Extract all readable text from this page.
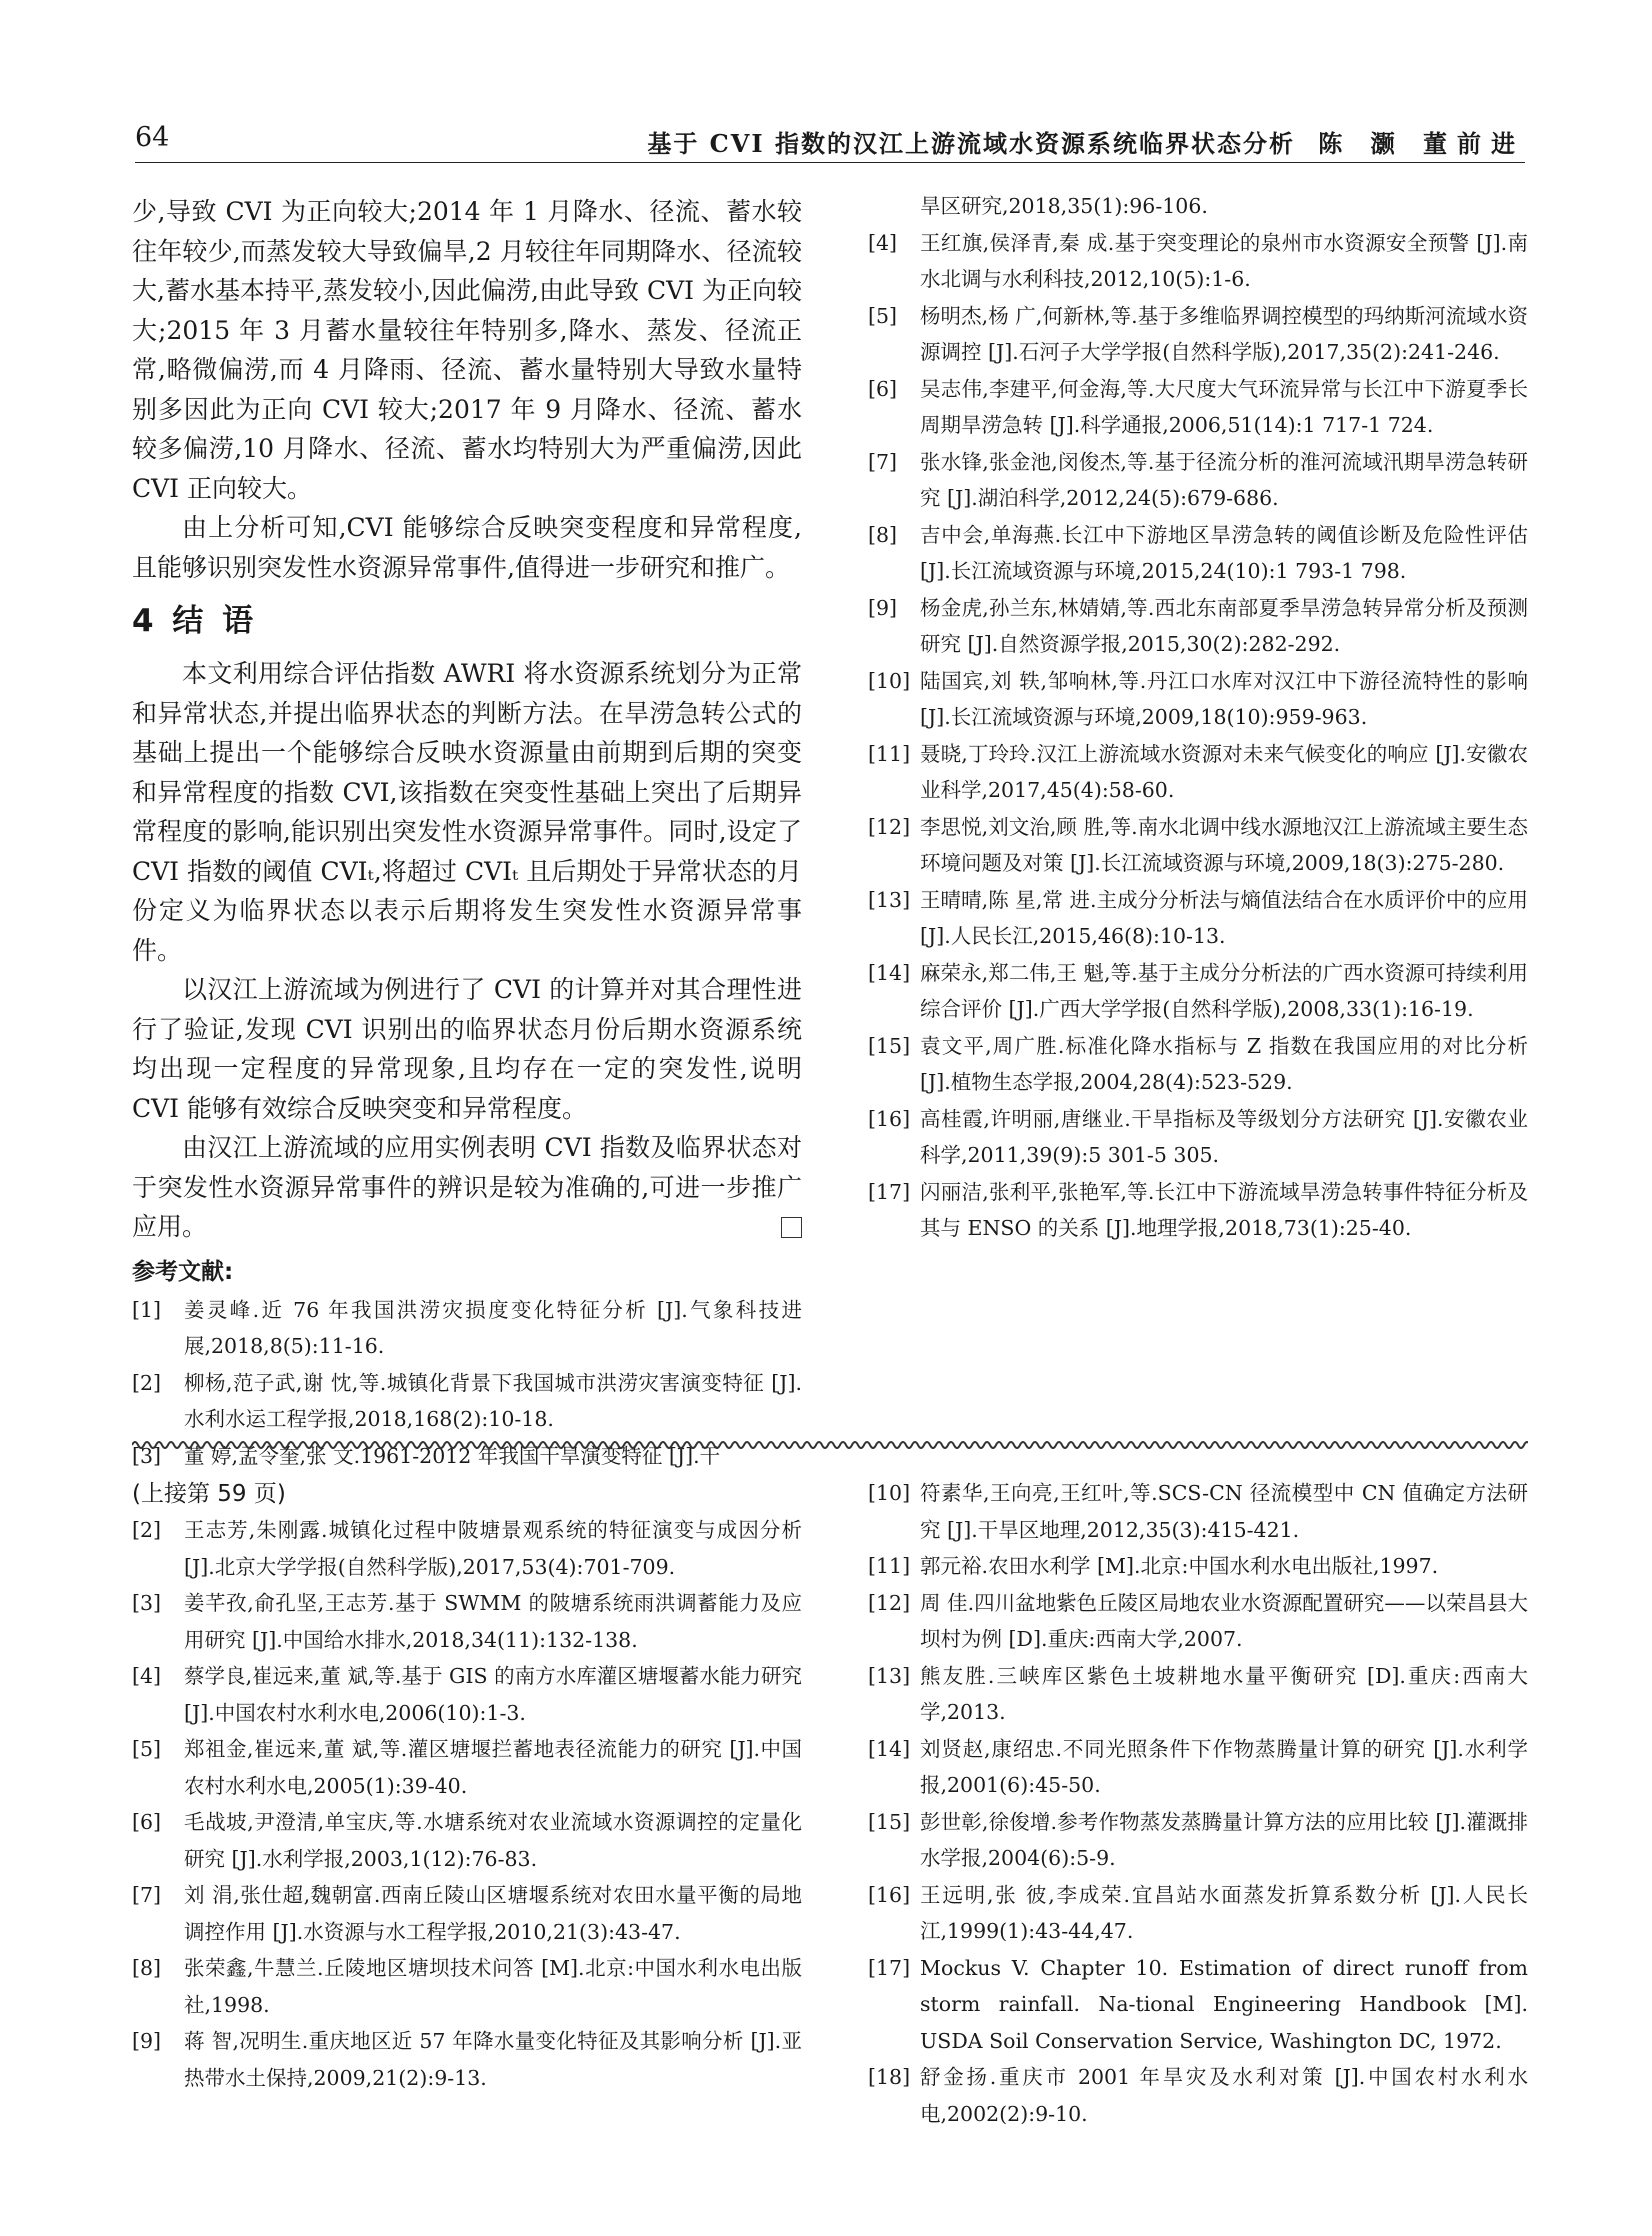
64	基于 CVI 指数的汉江上游流域水资源系统临界状态分析 陈 灏 董前进

少,导致 CVI 为正向较大;2014 年 1 月降水、径流、蓄水较往年较少,而蒸发较大导致偏旱,2 月较往年同期降水、径流较大,蓄水基本持平,蒸发较小,因此偏涝,由此导致 CVI 为正向较大;2015 年 3 月蓄水量较往年特别多,降水、蒸发、径流正常,略微偏涝,而 4 月降雨、径流、蓄水量特别大导致水量特别多因此为正向 CVI 较大;2017 年 9 月降水、径流、蓄水较多偏涝,10 月降水、径流、蓄水均特别大为严重偏涝,因此 CVI 正向较大。

由上分析可知,CVI 能够综合反映突变程度和异常程度,且能够识别突发性水资源异常事件,值得进一步研究和推广。

4 结 语

本文利用综合评估指数 AWRI 将水资源系统划分为正常和异常状态,并提出临界状态的判断方法。在旱涝急转公式的基础上提出一个能够综合反映水资源量由前期到后期的突变和异常程度的指数 CVI,该指数在突变性基础上突出了后期异常程度的影响,能识别出突发性水资源异常事件。同时,设定了 CVI 指数的阈值 CVIₜ,将超过 CVIₜ 且后期处于异常状态的月份定义为临界状态以表示后期将发生突发性水资源异常事件。

以汉江上游流域为例进行了 CVI 的计算并对其合理性进行了验证,发现 CVI 识别出的临界状态月份后期水资源系统均出现一定程度的异常现象,且均存在一定的突发性,说明 CVI 能够有效综合反映突变和异常程度。

由汉江上游流域的应用实例表明 CVI 指数及临界状态对于突发性水资源异常事件的辨识是较为准确的,可进一步推广应用。

参考文献:
[1]	姜灵峰.近 76 年我国洪涝灾损度变化特征分析 [J].气象科技进展,2018,8(5):11-16.
[2]	柳杨,范子武,谢 忱,等.城镇化背景下我国城市洪涝灾害演变特征 [J].水利水运工程学报,2018,168(2):10-18.
[3]	董 婷,孟令奎,张 文.1961-2012 年我国干旱演变特征 [J].干
旱区研究,2018,35(1):96-106.
[4]	王红旗,侯泽青,秦 成.基于突变理论的泉州市水资源安全预警 [J].南水北调与水利科技,2012,10(5):1-6.
[5]	杨明杰,杨 广,何新林,等.基于多维临界调控模型的玛纳斯河流域水资源调控 [J].石河子大学学报(自然科学版),2017,35(2):241-246.
[6]	吴志伟,李建平,何金海,等.大尺度大气环流异常与长江中下游夏季长周期旱涝急转 [J].科学通报,2006,51(14):1 717-1 724.
[7]	张水锋,张金池,闵俊杰,等.基于径流分析的淮河流域汛期旱涝急转研究 [J].湖泊科学,2012,24(5):679-686.
[8]	吉中会,单海燕.长江中下游地区旱涝急转的阈值诊断及危险性评估 [J].长江流域资源与环境,2015,24(10):1 793-1 798.
[9]	杨金虎,孙兰东,林婧婧,等.西北东南部夏季旱涝急转异常分析及预测研究 [J].自然资源学报,2015,30(2):282-292.
[10] 陆国宾,刘 轶,邹响林,等.丹江口水库对汉江中下游径流特性的影响 [J].长江流域资源与环境,2009,18(10):959-963.
[11] 聂晓,丁玲玲.汉江上游流域水资源对未来气候变化的响应 [J].安徽农业科学,2017,45(4):58-60.
[12] 李思悦,刘文治,顾 胜,等.南水北调中线水源地汉江上游流域主要生态环境问题及对策 [J].长江流域资源与环境,2009,18(3):275-280.
[13] 王晴晴,陈 星,常 进.主成分分析法与熵值法结合在水质评价中的应用 [J].人民长江,2015,46(8):10-13.
[14] 麻荣永,郑二伟,王 魁,等.基于主成分分析法的广西水资源可持续利用综合评价 [J].广西大学学报(自然科学版),2008,33(1):16-19.
[15] 袁文平,周广胜.标准化降水指标与 Z 指数在我国应用的对比分析 [J].植物生态学报,2004,28(4):523-529.
[16] 高桂霞,许明丽,唐继业.干旱指标及等级划分方法研究 [J].安徽农业科学,2011,39(9):5 301-5 305.
[17] 闪丽洁,张利平,张艳军,等.长江中下游流域旱涝急转事件特征分析及其与 ENSO 的关系 [J].地理学报,2018,73(1):25-40.
(上接第 59 页)
[2]	王志芳,朱刚露.城镇化过程中陂塘景观系统的特征演变与成因分析 [J].北京大学学报(自然科学版),2017,53(4):701-709.
[3]	姜芊孜,俞孔坚,王志芳.基于 SWMM 的陂塘系统雨洪调蓄能力及应用研究 [J].中国给水排水,2018,34(11):132-138.
[4]	蔡学良,崔远来,董 斌,等.基于 GIS 的南方水库灌区塘堰蓄水能力研究 [J].中国农村水利水电,2006(10):1-3.
[5]	郑祖金,崔远来,董 斌,等.灌区塘堰拦蓄地表径流能力的研究 [J].中国农村水利水电,2005(1):39-40.
[6]	毛战坡,尹澄清,单宝庆,等.水塘系统对农业流域水资源调控的定量化研究 [J].水利学报,2003,1(12):76-83.
[7]	刘 涓,张仕超,魏朝富.西南丘陵山区塘堰系统对农田水量平衡的局地调控作用 [J].水资源与水工程学报,2010,21(3):43-47.
[8]	张荣鑫,牛慧兰.丘陵地区塘坝技术问答 [M].北京:中国水利水电出版社,1998.
[9]	蒋 智,况明生.重庆地区近 57 年降水量变化特征及其影响分析 [J].亚热带水土保持,2009,21(2):9-13.
[10] 符素华,王向亮,王红叶,等.SCS-CN 径流模型中 CN 值确定方法研究 [J].干旱区地理,2012,35(3):415-421.
[11] 郭元裕.农田水利学 [M].北京:中国水利水电出版社,1997.
[12] 周 佳.四川盆地紫色丘陵区局地农业水资源配置研究——以荣昌县大坝村为例 [D].重庆:西南大学,2007.
[13] 熊友胜.三峡库区紫色土坡耕地水量平衡研究 [D].重庆:西南大学,2013.
[14] 刘贤赵,康绍忠.不同光照条件下作物蒸腾量计算的研究 [J].水利学报,2001(6):45-50.
[15] 彭世彰,徐俊增.参考作物蒸发蒸腾量计算方法的应用比较 [J].灌溉排水学报,2004(6):5-9.
[16] 王远明,张 彼,李成荣.宜昌站水面蒸发折算系数分析 [J].人民长江,1999(1):43-44,47.
[17] Mockus V. Chapter 10. Estimation of direct runoff from storm rainfall. Na-tional Engineering Handbook [M]. USDA Soil Conservation Service, Washington DC, 1972.
[18] 舒金扬.重庆市 2001 年旱灾及水利对策 [J].中国农村水利水电,2002(2):9-10.
